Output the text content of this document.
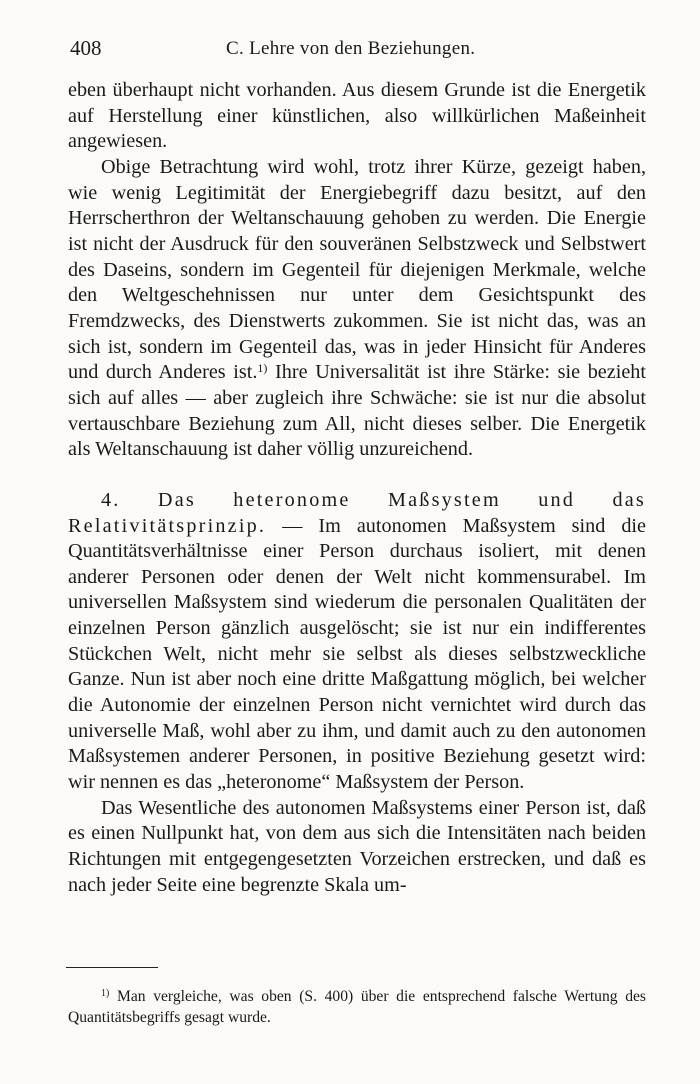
408	C. Lehre von den Beziehungen.

eben überhaupt nicht vorhanden. Aus diesem Grunde ist die Energetik auf Herstellung einer künstlichen, also willkürlichen Maßeinheit angewiesen.

Obige Betrachtung wird wohl, trotz ihrer Kürze, gezeigt haben, wie wenig Legitimität der Energiebegriff dazu besitzt, auf den Herrscherthron der Weltanschauung gehoben zu werden. Die Energie ist nicht der Ausdruck für den souveränen Selbstzweck und Selbstwert des Daseins, sondern im Gegenteil für diejenigen Merkmale, welche den Weltgeschehnissen nur unter dem Gesichtspunkt des Fremdzwecks, des Dienstwerts zukommen. Sie ist nicht das, was an sich ist, sondern im Gegenteil das, was in jeder Hinsicht für Anderes und durch Anderes ist.$^{1)}$ Ihre Universalität ist ihre Stärke: sie bezieht sich auf alles — aber zugleich ihre Schwäche: sie ist nur die absolut vertauschbare Beziehung zum All, nicht dieses selber. Die Energetik als Weltanschauung ist daher völlig unzureichend.

4. Das heteronome Maßsystem und das Relativitätsprinzip. — Im autonomen Maßsystem sind die Quantitätsverhältnisse einer Person durchaus isoliert, mit denen anderer Personen oder denen der Welt nicht kommensurabel. Im universellen Maßsystem sind wiederum die personalen Qualitäten der einzelnen Person gänzlich ausgelöscht; sie ist nur ein indifferentes Stückchen Welt, nicht mehr sie selbst als dieses selbstzweckliche Ganze. Nun ist aber noch eine dritte Maßgattung möglich, bei welcher die Autonomie der einzelnen Person nicht vernichtet wird durch das universelle Maß, wohl aber zu ihm, und damit auch zu den autonomen Maßsystemen anderer Personen, in positive Beziehung gesetzt wird: wir nennen es das „heteronome“ Maßsystem der Person.

Das Wesentliche des autonomen Maßsystems einer Person ist, daß es einen Nullpunkt hat, von dem aus sich die Intensitäten nach beiden Richtungen mit entgegengesetzten Vorzeichen erstrecken, und daß es nach jeder Seite eine begrenzte Skala um-

$^{1)}$ Man vergleiche, was oben (S. 400) über die entsprechend falsche Wertung des Quantitätsbegriffs gesagt wurde.
